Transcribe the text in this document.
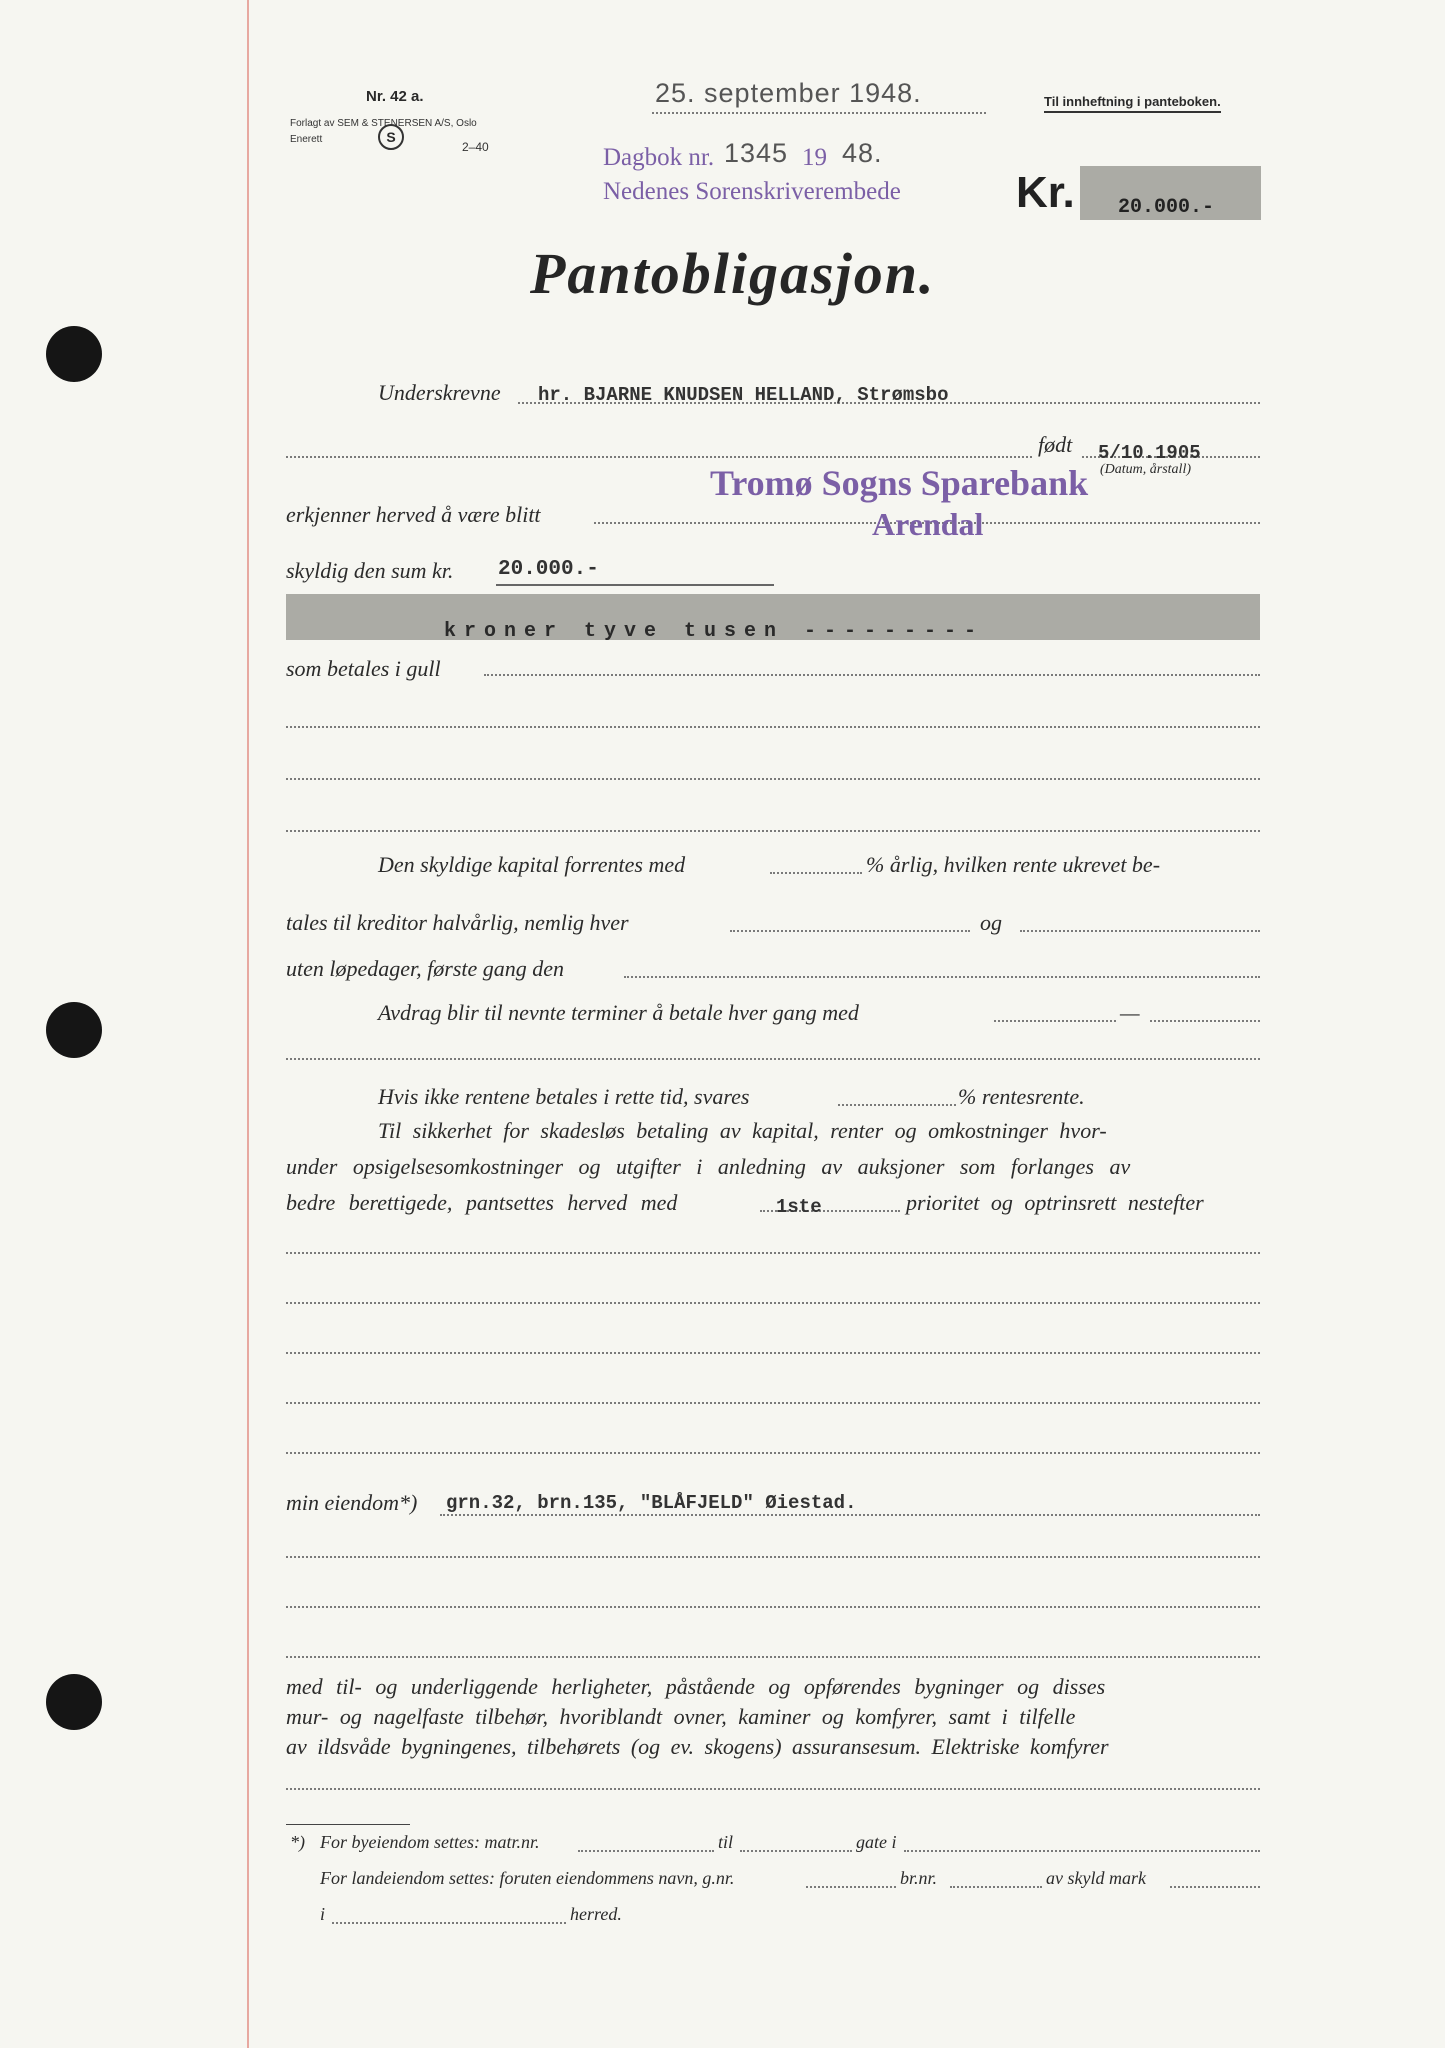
Nr. 42 a.
Forlagt av SEM & STENERSEN A/S, Oslo
Enerett	S
2–40
25. september 1948.	Til innheftning i panteboken.
Dagbok nr. 1345 19 48.
Nedenes Sorenskriverembede	Kr. 20.000.-
Pantobligasjon.
Underskrevne hr. BJARNE KNUDSEN HELLAND, Strømsbo
født 5/10.1905
(Datum, årstall)
erkjenner herved å være blitt
Tromø Sogns Sparebank
Arendal
skyldig den sum kr. 20.000.-
kroner tyve tusen ---------
som betales i gull
Den skyldige kapital forrentes med	% årlig, hvilken rente ukrevet be-
tales til kreditor halvårlig, nemlig hver	og
uten løpedager, første gang den
Avdrag blir til nevnte terminer å betale hver gang med	—
Hvis ikke rentene betales i rette tid, svares	% rentesrente.
Til sikkerhet for skadesløs betaling av kapital, renter og omkostninger hvor-
under opsigelsesomkostninger og utgifter i anledning av auksjoner som forlanges av
bedre berettigede, pantsettes herved med	1ste	prioritet og optrinsrett nestefter
min eiendom*) grn.32, brn.135, "BLÅFJELD" Øiestad.
med til- og underliggende herligheter, påstående og opførendes bygninger og disses
mur- og nagelfaste tilbehør, hvoriblandt ovner, kaminer og komfyrer, samt i tilfelle
av ildsvåde bygningenes, tilbehørets (og ev. skogens) assuransesum. Elektriske komfyrer
*) For byeiendom settes: matr.nr.	til	gate i
For landeiendom settes: foruten eiendommens navn, g.nr.	br.nr.	av skyld mark
i	herred.
